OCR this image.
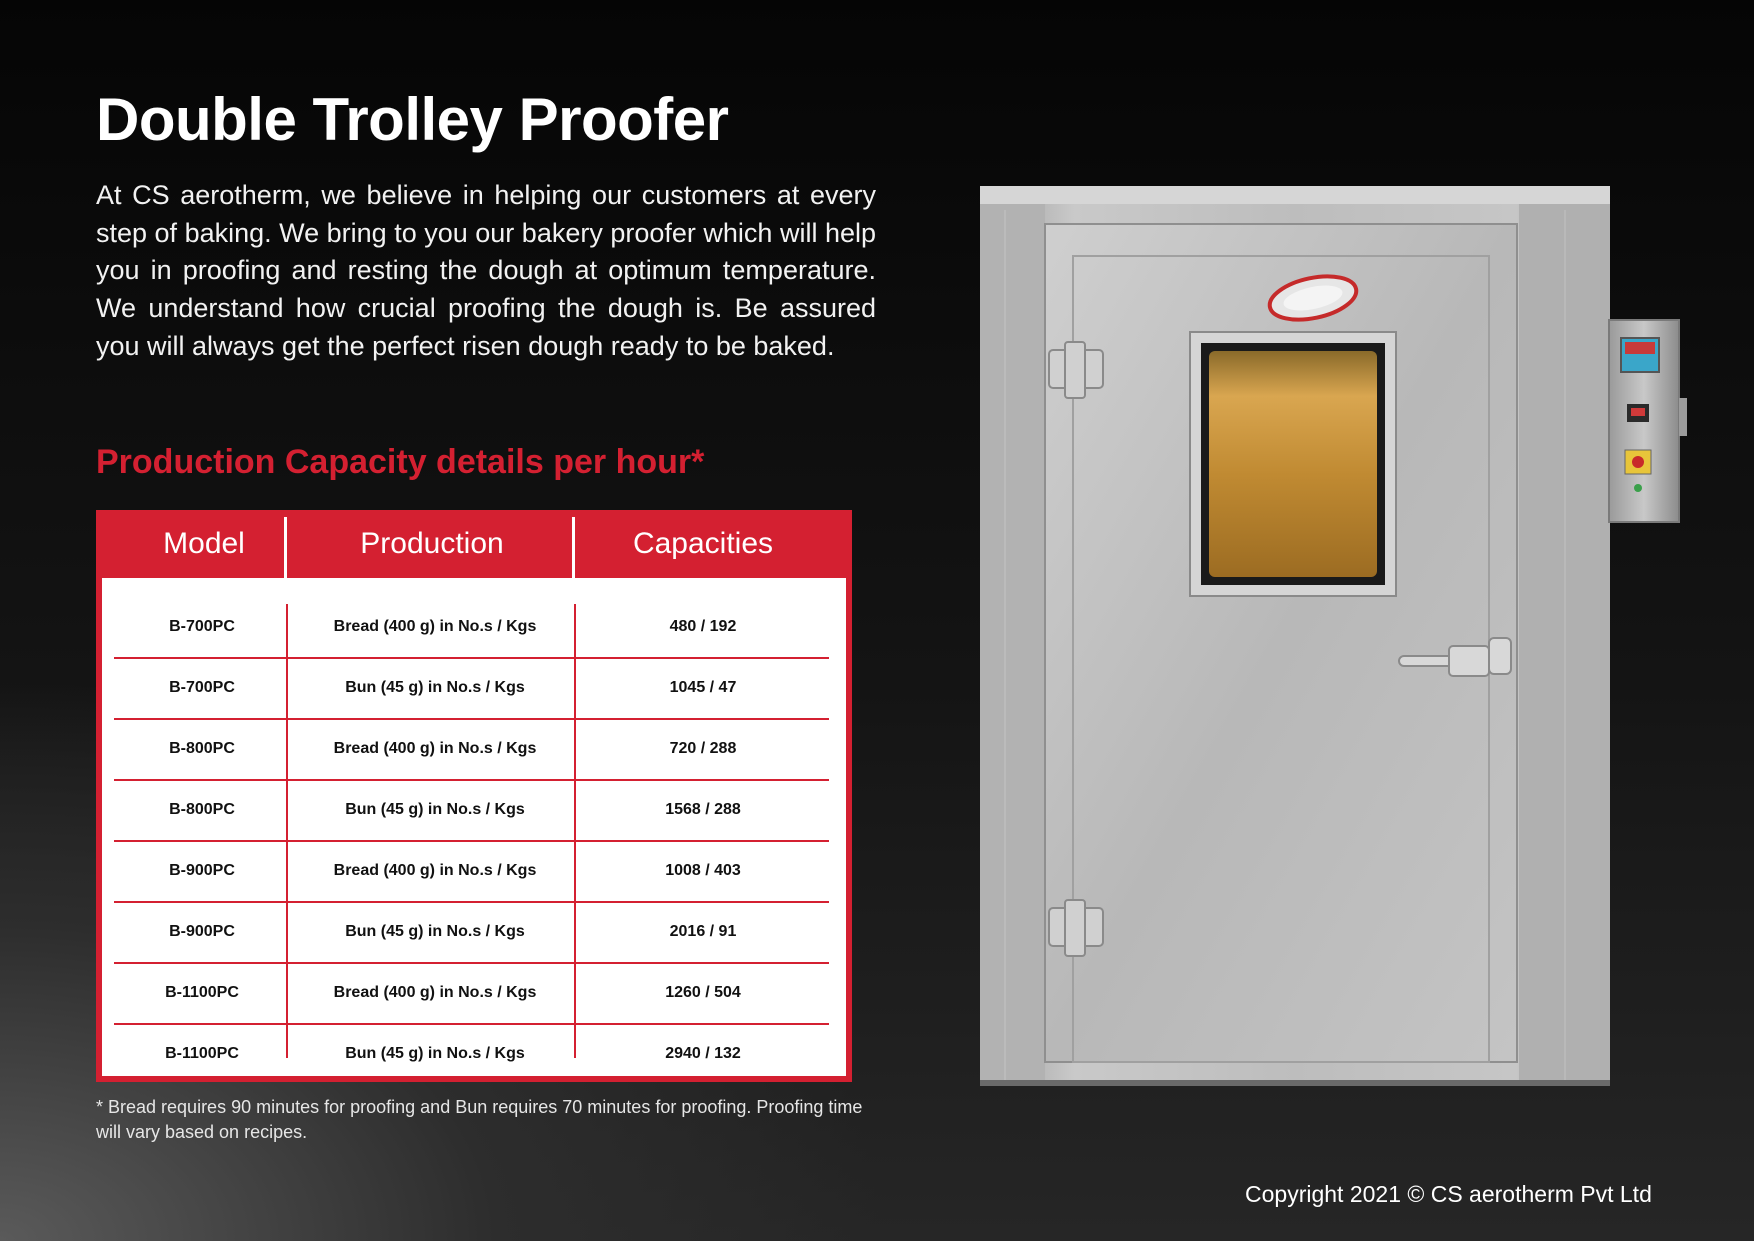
Double Trolley Proofer

At CS aerotherm, we believe in helping our customers at every step of baking. We bring to you our bakery proofer which will help you in proofing and resting the dough at optimum temperature. We understand how crucial proofing the dough is. Be assured you will always get the perfect risen dough ready to be baked.

Production Capacity details per hour*
Model	Production	Capacities
B-700PC	Bread (400 g) in No.s / Kgs	480 / 192
B-700PC	Bun (45 g) in No.s / Kgs	1045 / 47
B-800PC	Bread (400 g) in No.s / Kgs	720 / 288
B-800PC	Bun (45 g) in No.s / Kgs	1568 / 288
B-900PC	Bread (400 g) in No.s / Kgs	1008 / 403
B-900PC	Bun (45 g) in No.s / Kgs	2016 / 91
B-1100PC	Bread (400 g) in No.s / Kgs	1260 / 504
B-1100PC	Bun (45 g) in No.s / Kgs	2940 / 132

* Bread requires 90 minutes for proofing and Bun requires 70 minutes for proofing. Proofing time will vary based on recipes.

Copyright 2021 © CS aerotherm Pvt Ltd
